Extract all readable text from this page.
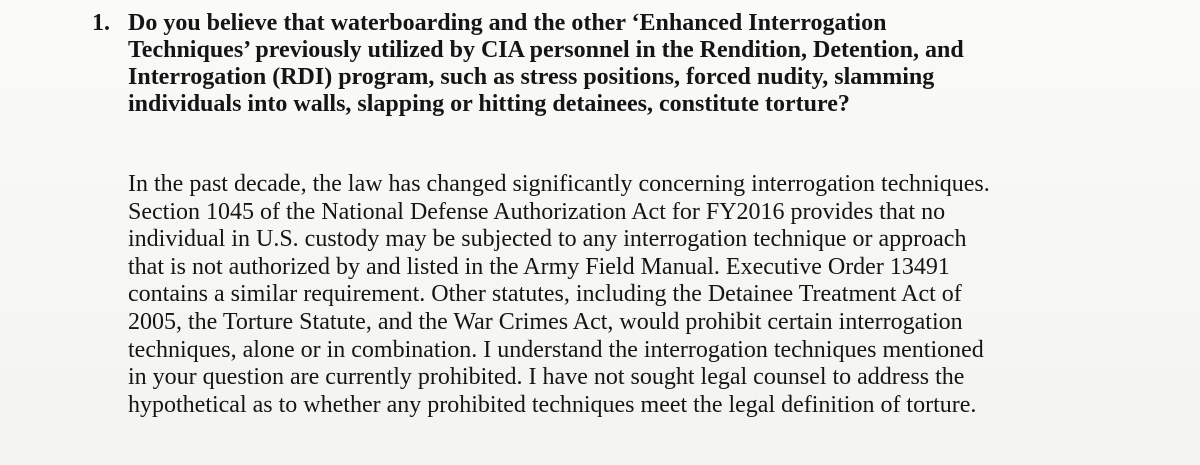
1. Do you believe that waterboarding and the other ‘Enhanced Interrogation
Techniques’ previously utilized by CIA personnel in the Rendition, Detention, and
Interrogation (RDI) program, such as stress positions, forced nudity, slamming
individuals into walls, slapping or hitting detainees, constitute torture?
In the past decade, the law has changed significantly concerning interrogation techniques.
Section 1045 of the National Defense Authorization Act for FY2016 provides that no
individual in U.S. custody may be subjected to any interrogation technique or approach
that is not authorized by and listed in the Army Field Manual. Executive Order 13491
contains a similar requirement. Other statutes, including the Detainee Treatment Act of
2005, the Torture Statute, and the War Crimes Act, would prohibit certain interrogation
techniques, alone or in combination. I understand the interrogation techniques mentioned
in your question are currently prohibited. I have not sought legal counsel to address the
hypothetical as to whether any prohibited techniques meet the legal definition of torture.
